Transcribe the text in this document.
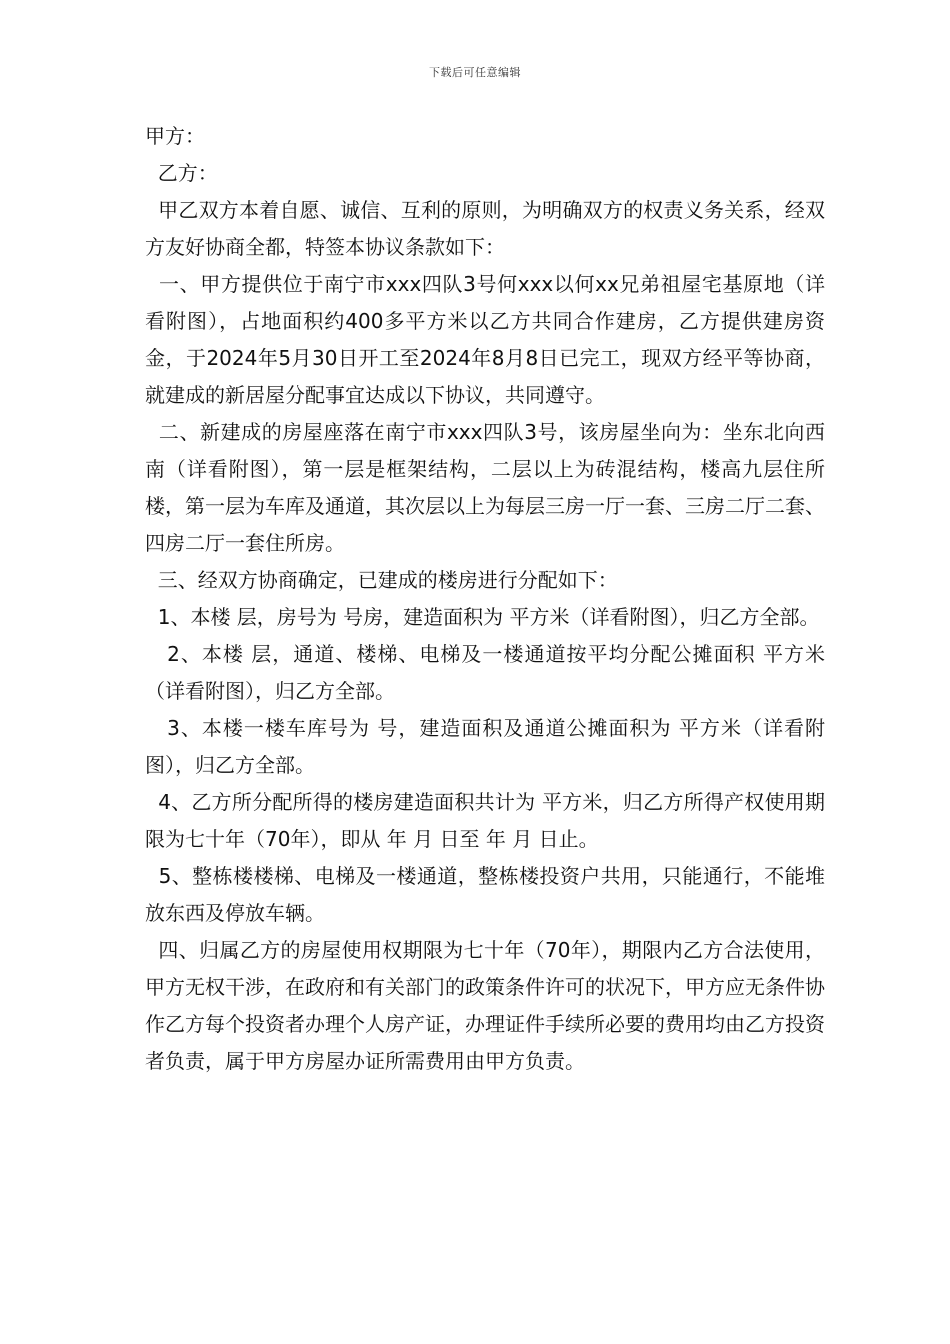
下载后可任意编辑

甲方：

乙方：

甲乙双方本着自愿、诚信、互利的原则，为明确双方的权责义务关系，经双方友好协商全都，特签本协议条款如下：

一、甲方提供位于南宁市xxx四队3号何xxx以何xx兄弟祖屋宅基原地（详看附图），占地面积约400多平方米以乙方共同合作建房，乙方提供建房资金，于2024年5月30日开工至2024年8月8日已完工，现双方经平等协商，就建成的新居屋分配事宜达成以下协议，共同遵守。

二、新建成的房屋座落在南宁市xxx四队3号，该房屋坐向为：坐东北向西南（详看附图），第一层是框架结构，二层以上为砖混结构，楼高九层住所楼，第一层为车库及通道，其次层以上为每层三房一厅一套、三房二厅二套、四房二厅一套住所房。

三、经双方协商确定，已建成的楼房进行分配如下：

1、本楼 层，房号为 号房，建造面积为 平方米（详看附图），归乙方全部。

2、本楼 层，通道、楼梯、电梯及一楼通道按平均分配公摊面积 平方米（详看附图），归乙方全部。

3、本楼一楼车库号为 号，建造面积及通道公摊面积为 平方米（详看附图），归乙方全部。

4、乙方所分配所得的楼房建造面积共计为 平方米，归乙方所得产权使用期限为七十年（70年），即从 年 月 日至 年 月 日止。

5、整栋楼楼梯、电梯及一楼通道，整栋楼投资户共用，只能通行，不能堆放东西及停放车辆。

四、归属乙方的房屋使用权期限为七十年（70年），期限内乙方合法使用，甲方无权干涉，在政府和有关部门的政策条件许可的状况下，甲方应无条件协作乙方每个投资者办理个人房产证，办理证件手续所必要的费用均由乙方投资者负责，属于甲方房屋办证所需费用由甲方负责。
